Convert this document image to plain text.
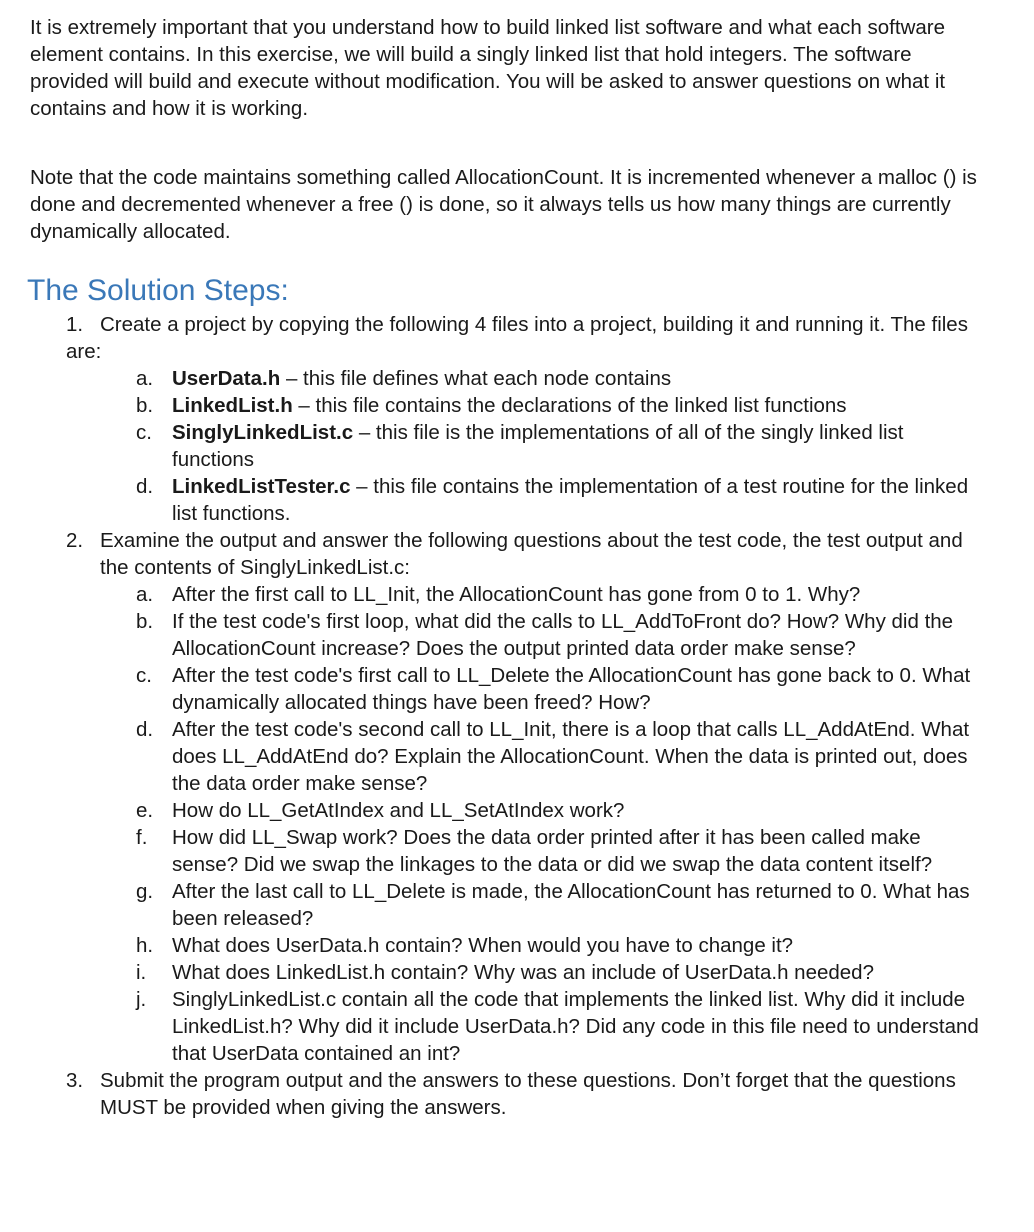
It is extremely important that you understand how to build linked list software and what each software element contains. In this exercise, we will build a singly linked list that hold integers. The software provided will build and execute without modification. You will be asked to answer questions on what it contains and how it is working.

Note that the code maintains something called AllocationCount. It is incremented whenever a malloc () is done and decremented whenever a free () is done, so it always tells us how many things are currently dynamically allocated.

The Solution Steps:
1. Create a project by copying the following 4 files into a project, building it and running it. The files are:
a. UserData.h – this file defines what each node contains
b. LinkedList.h – this file contains the declarations of the linked list functions
c. SinglyLinkedList.c – this file is the implementations of all of the singly linked list functions
d. LinkedListTester.c – this file contains the implementation of a test routine for the linked list functions.
2. Examine the output and answer the following questions about the test code, the test output and the contents of SinglyLinkedList.c:
a. After the first call to LL_Init, the AllocationCount has gone from 0 to 1. Why?
b. If the test code's first loop, what did the calls to LL_AddToFront do? How? Why did the AllocationCount increase? Does the output printed data order make sense?
c. After the test code's first call to LL_Delete the AllocationCount has gone back to 0. What dynamically allocated things have been freed? How?
d. After the test code's second call to LL_Init, there is a loop that calls LL_AddAtEnd. What does LL_AddAtEnd do? Explain the AllocationCount. When the data is printed out, does the data order make sense?
e. How do LL_GetAtIndex and LL_SetAtIndex work?
f. How did LL_Swap work? Does the data order printed after it has been called make sense? Did we swap the linkages to the data or did we swap the data content itself?
g. After the last call to LL_Delete is made, the AllocationCount has returned to 0. What has been released?
h. What does UserData.h contain? When would you have to change it?
i. What does LinkedList.h contain? Why was an include of UserData.h needed?
j. SinglyLinkedList.c contain all the code that implements the linked list. Why did it include LinkedList.h? Why did it include UserData.h? Did any code in this file need to understand that UserData contained an int?
3. Submit the program output and the answers to these questions. Don’t forget that the questions MUST be provided when giving the answers.
